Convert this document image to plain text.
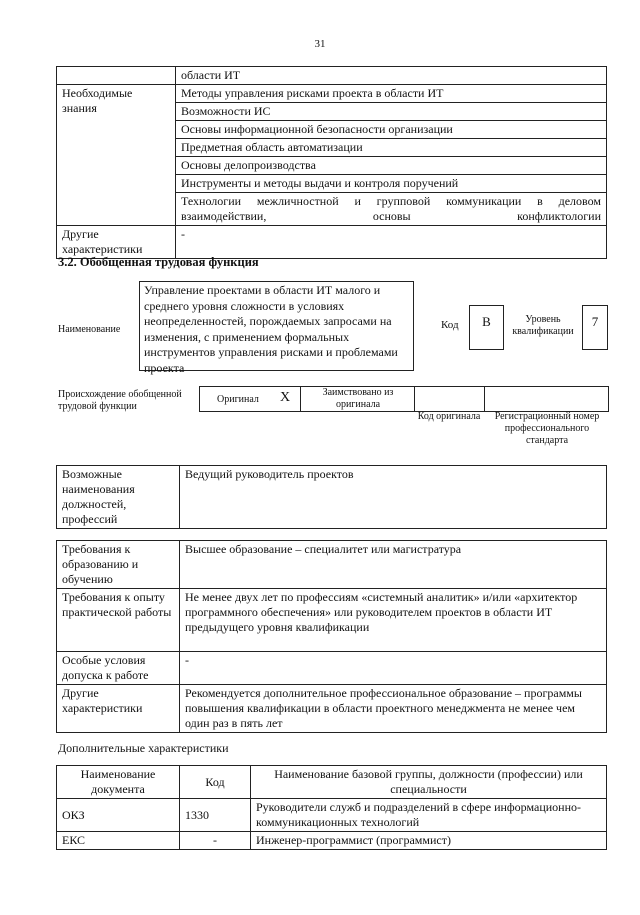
31
	области ИТ
Необходимые знания	Методы управления рисками проекта в области ИТ
	Возможности ИС
	Основы информационной безопасности организации
	Предметная область автоматизации
	Основы делопроизводства
	Инструменты и методы выдачи и контроля поручений
	Технологии межличностной и групповой коммуникации в деловом взаимодействии, основы конфликтологии
Другие характеристики	-
3.2. Обобщенная трудовая функция
Наименование
Управление проектами в области ИТ малого и среднего уровня сложности в условиях неопределенностей, порождаемых запросами на изменения, с применением формальных инструментов управления рисками и проблемами проекта
Код	B	Уровень квалификации
7
Происхождение обобщенной трудовой функции
Оригинал X	Заимствовано из оригинала
Код оригинала	Регистрационный номер профессионального стандарта
Возможные наименования должностей, профессий	Ведущий руководитель проектов
Требования к образованию и обучению	Высшее образование – специалитет или магистратура
Требования к опыту практической работы	Не менее двух лет по профессиям «системный аналитик» и/или «архитектор программного обеспечения» или руководителем проектов в области ИТ предыдущего уровня квалификации
Особые условия допуска к работе	-
Другие характеристики	Рекомендуется дополнительное профессиональное образование – программы повышения квалификации в области проектного менеджмента не менее чем один раз в пять лет
Дополнительные характеристики
Наименование документа	Код	Наименование базовой группы, должности (профессии) или специальности
ОКЗ	1330	Руководители служб и подразделений в сфере информационно-коммуникационных технологий
ЕКС	-	Инженер-программист (программист)
